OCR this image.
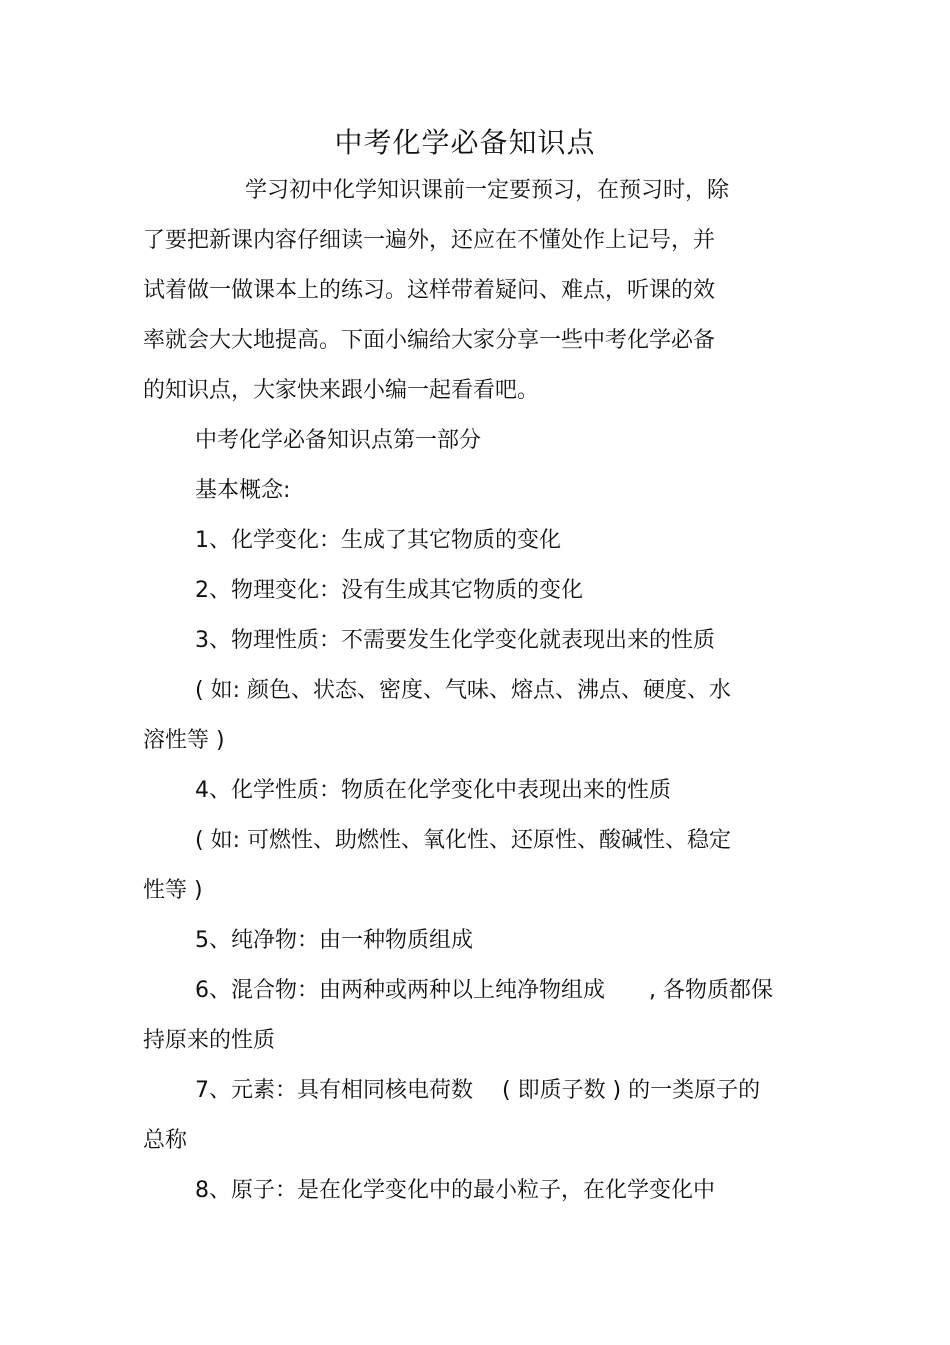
中考化学必备知识点
学习初中化学知识课前一定要预习，在预习时，除
了要把新课内容仔细读一遍外，还应在不懂处作上记号，并
试着做一做课本上的练习。这样带着疑问、难点，听课的效
率就会大大地提高。下面小编给大家分享一些中考化学必备
的知识点，大家快来跟小编一起看看吧。
中考化学必备知识点第一部分
基本概念:
1、化学变化：生成了其它物质的变化
2、物理变化：没有生成其它物质的变化
3、物理性质：不需要发生化学变化就表现出来的性质
( 如: 颜色、状态、密度、气味、熔点、沸点、硬度、水
溶性等 )
4、化学性质：物质在化学变化中表现出来的性质
( 如: 可燃性、助燃性、氧化性、还原性、酸碱性、稳定
性等 )
5、纯净物：由一种物质组成
6、混合物：由两种或两种以上纯净物组成　　, 各物质都保
持原来的性质
7、元素：具有相同核电荷数　 ( 即质子数 ) 的一类原子的
总称
8、原子：是在化学变化中的最小粒子，在化学变化中
